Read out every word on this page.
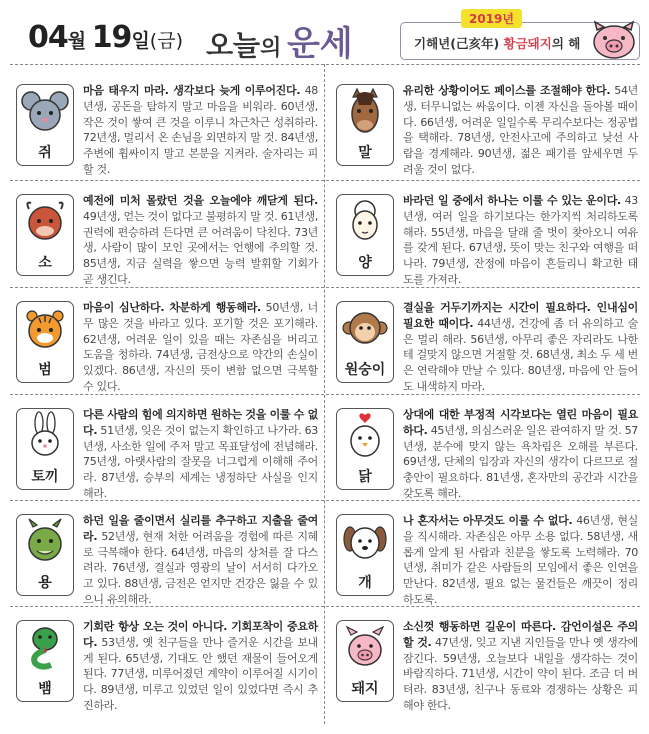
04월 19일(금) 오늘의 운세
2019년
기해년(己亥年) 황금돼지의 해
쥐
마음 태우지 마라. 생각보다 늦게 이루어진다. 48년생, 공돈을 탐하지 말고 마음을 비워라. 60년생, 작은 것이 쌓여 큰 것을 이루니 차근차근 성취하라. 72년생, 멀리서 온 손님을 외면하지 말 것. 84년생, 주변에 휩싸이지 말고 본분을 지켜라. 술자리는 피할 것.
말
유리한 상황이어도 페이스를 조절해야 한다. 54년생, 터무니없는 싸움이다. 이젠 자신을 돌아볼 때이다. 66년생, 어려운 일일수록 무리수보다는 정공법을 택해라. 78년생, 안전사고에 주의하고 낮선 사람을 경계해라. 90년생, 젊은 패기를 앞세우면 두려울 것이 없다.
소
예전에 미처 몰랐던 것을 오늘에야 깨닫게 된다. 49년생, 얻는 것이 없다고 불평하지 말 것. 61년생, 권력에 편승하려 든다면 큰 어려움이 닥친다. 73년생, 사람이 많이 모인 곳에서는 언행에 주의할 것. 85년생, 지금 실력을 쌓으면 능력 발휘할 기회가 곧 생긴다.
양
바라던 일 중에서 하나는 이룰 수 있는 운이다. 43년생, 여러 일을 하기보다는 한가지씩 처리하도록 해라. 55년생, 마음을 달래 줄 벗이 찾아오니 여유를 갖게 된다. 67년생, 뜻이 맞는 친구와 여행을 떠나라. 79년생, 잔정에 마음이 흔들리니 확고한 태도를 가져라.
범
마음이 심난하다. 차분하게 행동해라. 50년생, 너무 많은 것을 바라고 있다. 포기할 것은 포기해라. 62년생, 어려운 일이 있을 때는 자존심을 버리고 도움을 청하라. 74년생, 금전상으로 약간의 손실이 있겠다. 86년생, 자신의 뜻이 변함 없으면 극복할 수 있다.
원숭이
결실을 거두기까지는 시간이 필요하다. 인내심이 필요한 때이다. 44년생, 건강에 좀 더 유의하고 술은 멀리 해라. 56년생, 아무리 좋은 자리라도 나한테 걸맞지 않으면 거절할 것. 68년생, 최소 두 세 번은 연락해야 만날 수 있다. 80년생, 마음에 안 들어도 내색하지 마라.
토끼
다른 사람의 힘에 의지하면 원하는 것을 이룰 수 없다. 51년생, 잊은 것이 없는지 확인하고 나가라. 63년생, 사소한 일에 주저 말고 목표달성에 전념해라. 75년생, 아랫사람의 잘못을 너그럽게 이해해 주어라. 87년생, 승부의 세계는 냉정하단 사실을 인지해라.
닭
상대에 대한 부정적 시각보다는 열린 마음이 필요하다. 45년생, 의심스러운 일은 관여하지 말 것. 57년생, 분수에 맞지 않는 욕차림은 오해를 부른다. 69년생, 단체의 입장과 자신의 생각이 다르므로 절충안이 필요하다. 81년생, 혼자만의 공간과 시간을 갖도록 해라.
용
하던 일을 줄이면서 실리를 추구하고 지출을 줄여라. 52년생, 현재 처한 어려움을 경험에 따른 지혜로 극복해야 한다. 64년생, 마음의 상처를 잘 다스려라. 76년생, 결실과 영광의 날이 서서히 다가오고 있다. 88년생, 금전은 얻지만 건강은 잃을 수 있으니 유의해라.
개
나 혼자서는 아무것도 이룰 수 없다. 46년생, 현실을 직시해라. 자존심은 아무 소용 없다. 58년생, 새롭게 알게 된 사람과 친분을 쌓도록 노력해라. 70년생, 취미가 같은 사람들의 모임에서 좋은 인연을 만난다. 82년생, 필요 없는 물건들은 깨끗이 정리하도록.
뱀
기회란 항상 오는 것이 아니다. 기회포착이 중요하다. 53년생, 옛 친구들을 만나 즐거운 시간을 보내게 된다. 65년생, 기대도 안 했던 재물이 들어오게 된다. 77년생, 미루어졌던 계약이 이루어질 시기이다. 89년생, 미루고 있었던 일이 있었다면 즉시 추진하라.
돼지
소신껏 행동하면 길운이 따른다. 감언이설은 주의할 것. 47년생, 잊고 지낸 지인들을 만나 옛 생각에 잠긴다. 59년생, 오늘보다 내일을 생각하는 것이 바람직하다. 71년생, 시간이 약이 된다. 조금 더 버텨라. 83년생, 친구나 동료와 경쟁하는 상황은 피해야 한다.
